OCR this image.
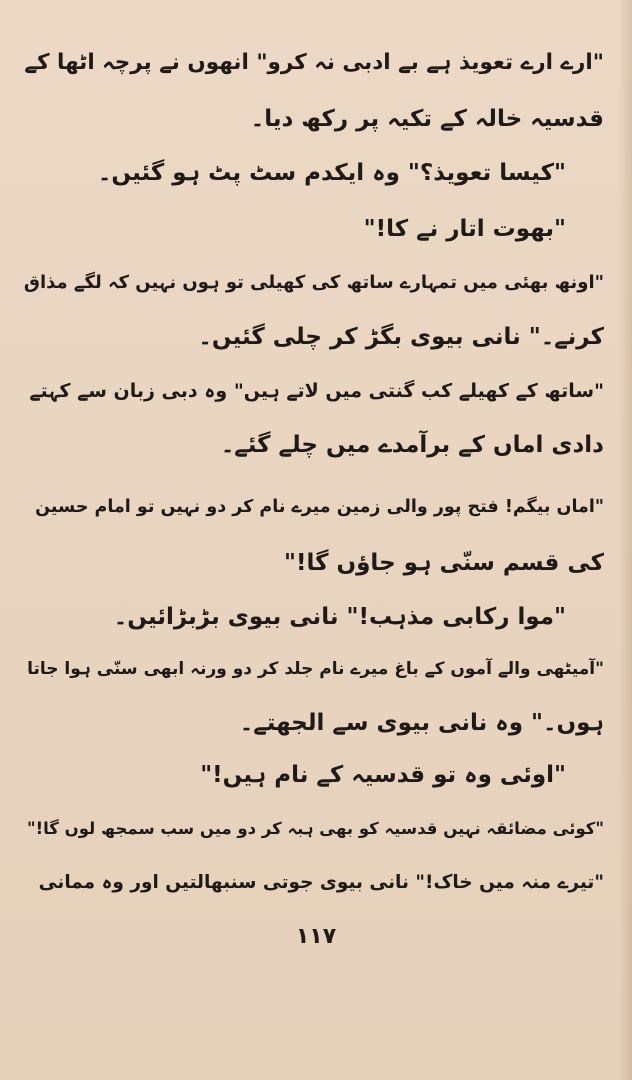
"ارے ارے تعویذ ہے بے ادبی نہ کرو" انھوں نے پرچہ اٹھا کے
قدسیہ خالہ کے تکیہ پر رکھ دیا۔
"کیسا تعویذ؟" وہ ایکدم سٹ پٹ ہو گئیں۔
"بھوت اتار نے کا!"
"اونھ بھئی میں تمہارے ساتھ کی کھیلی تو ہوں نہیں کہ لگے مذاق
کرنے۔" نانی بیوی بگڑ کر چلی گئیں۔
"ساتھ کے کھیلے کب گنتی میں لاتے ہیں" وہ دبی زبان سے کہتے
دادی اماں کے برآمدے میں چلے گئے۔
"اماں بیگم! فتح پور والی زمین میرے نام کر دو نہیں تو امام حسین
کی قسم سنّی ہو جاؤں گا!"
"موا رکابی مذہب!" نانی بیوی بڑبڑائیں۔
"آمیٹھی والے آموں کے باغ میرے نام جلد کر دو ورنہ ابھی سنّی ہوا جاتا
ہوں۔" وہ نانی بیوی سے الجھتے۔
"اوئی وہ تو قدسیہ کے نام ہیں!"
"کوئی مضائقہ نہیں قدسیہ کو بھی ہبہ کر دو میں سب سمجھ لوں گا!"
"تیرے منہ میں خاک!" نانی بیوی جوتی سنبھالتیں اور وہ ممانی
۱۱۷
